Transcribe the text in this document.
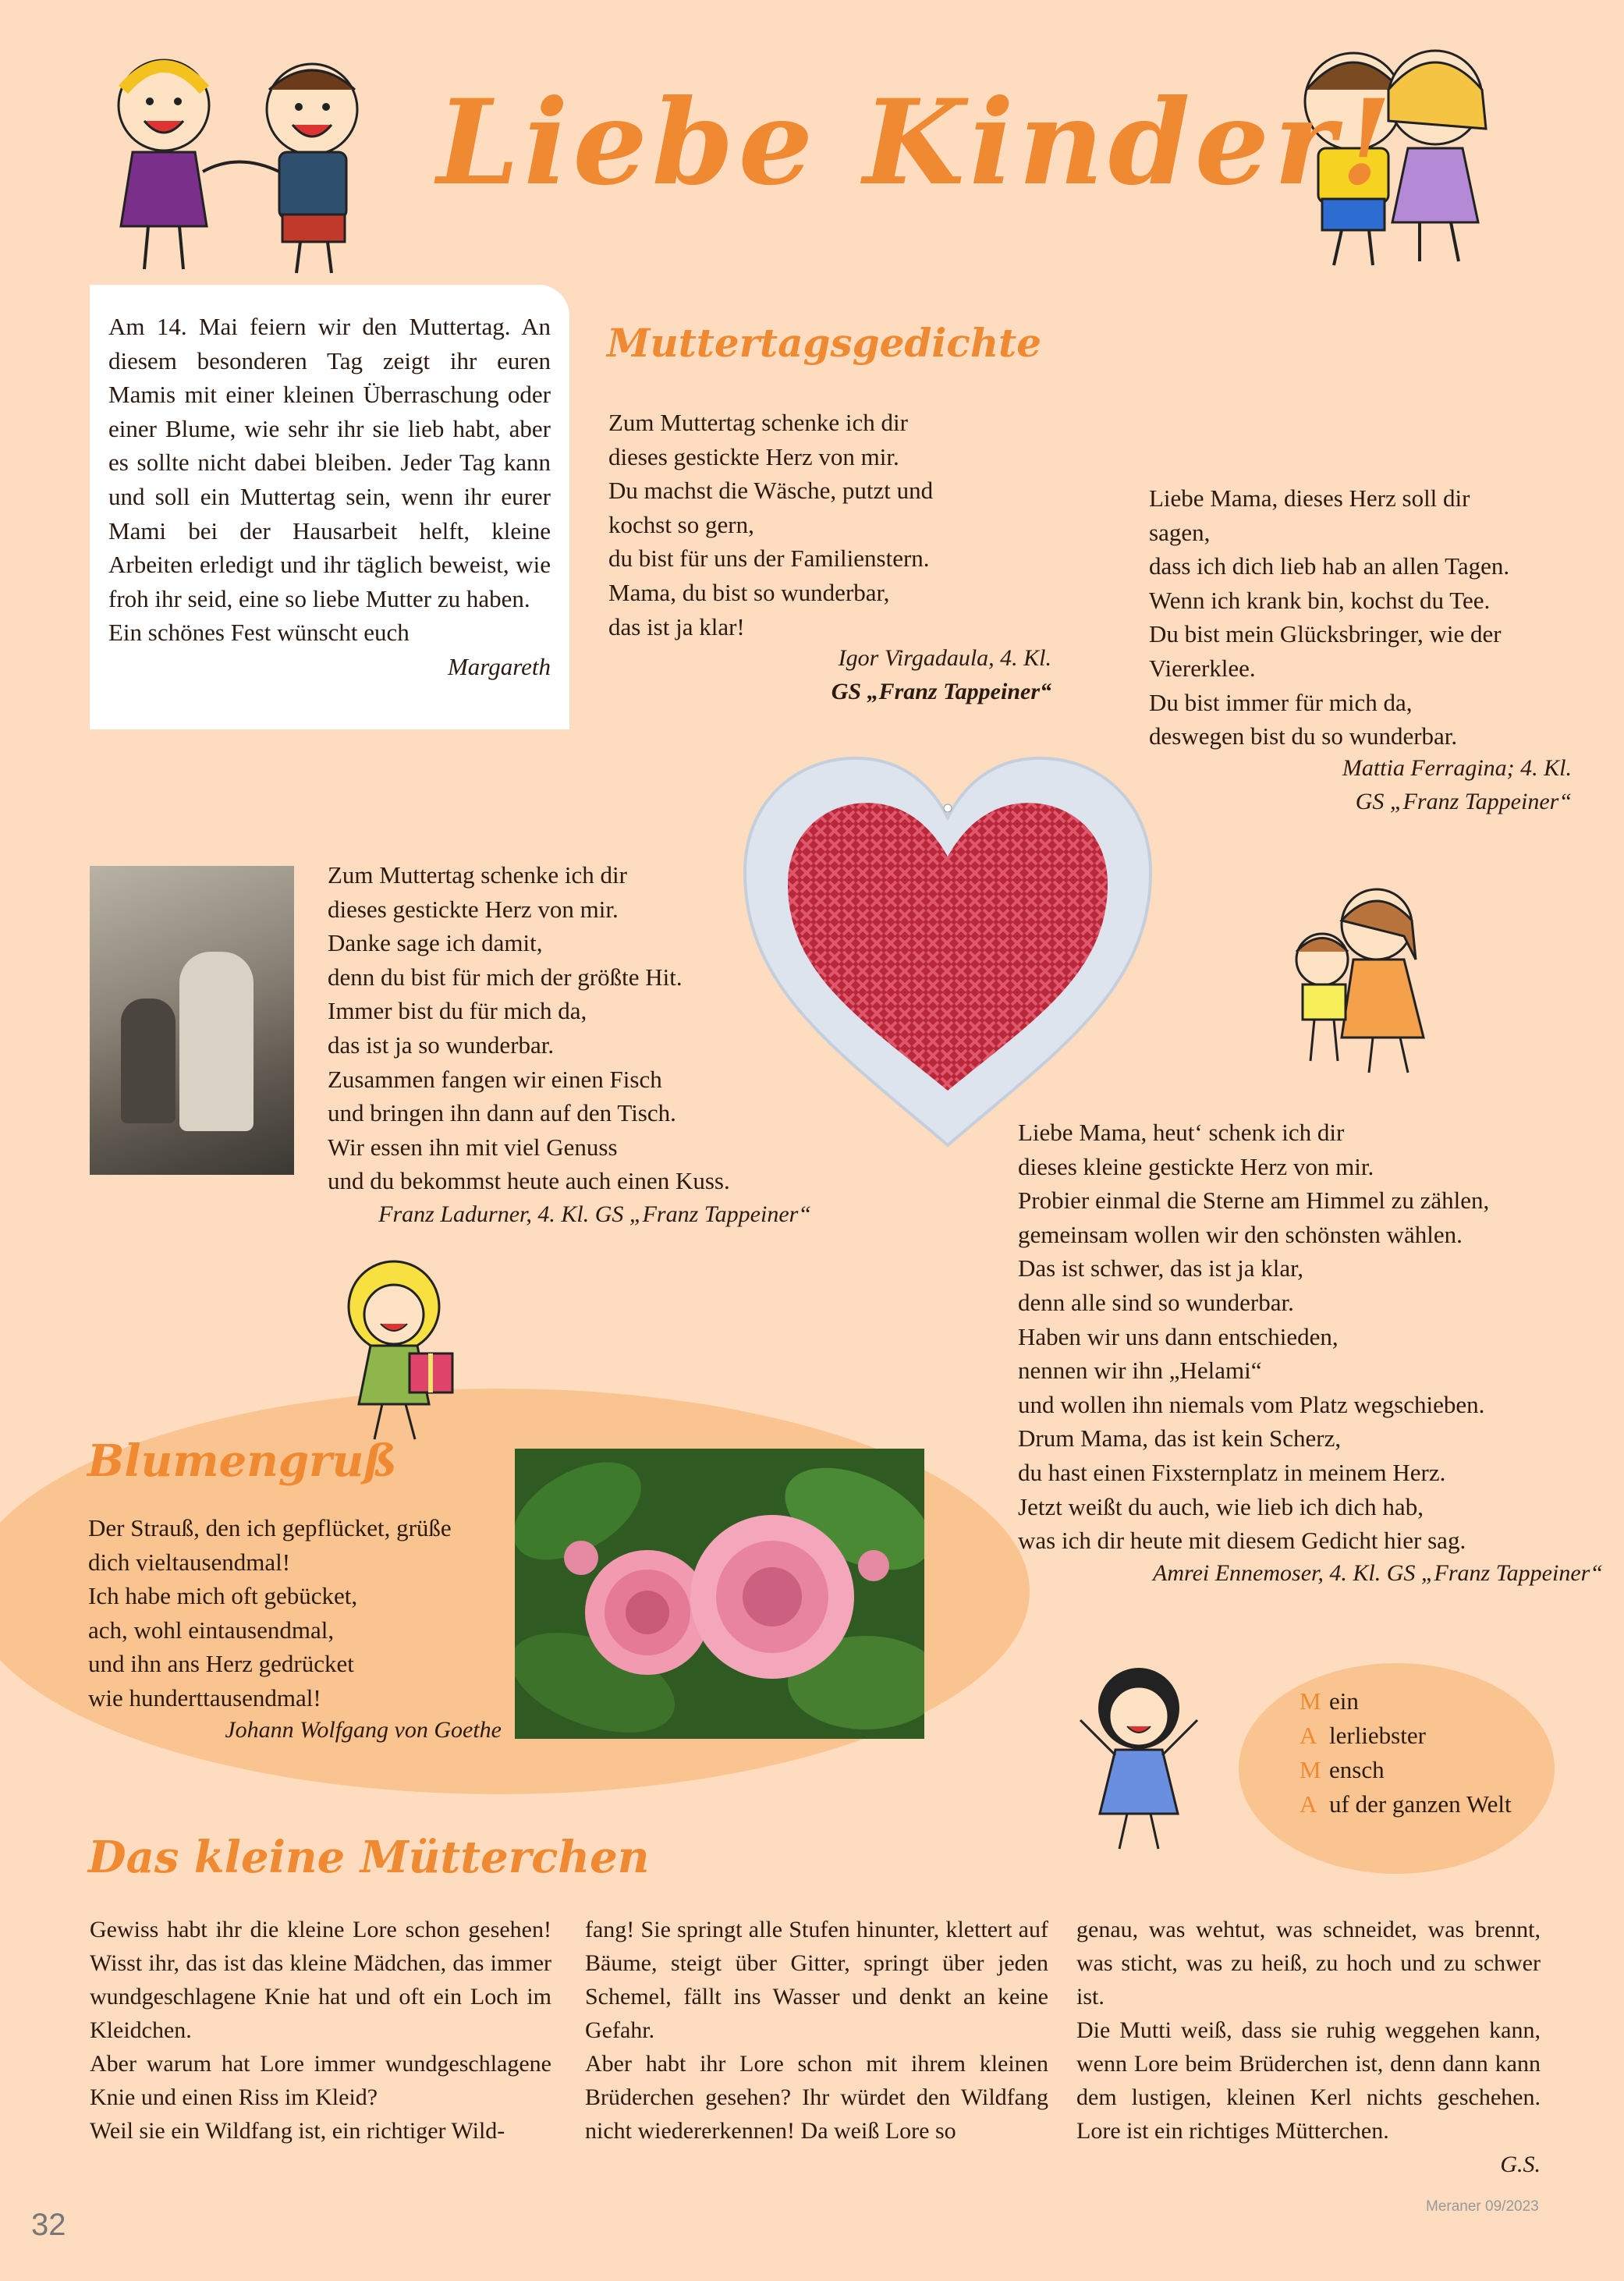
Liebe Kinder!

Am 14. Mai feiern wir den Muttertag. An diesem besonderen Tag zeigt ihr euren Mamis mit einer kleinen Überraschung oder einer Blume, wie sehr ihr sie lieb habt, aber es sollte nicht dabei bleiben. Jeder Tag kann und soll ein Muttertag sein, wenn ihr eurer Mami bei der Hausarbeit helft, kleine Arbeiten erledigt und ihr täglich beweist, wie froh ihr seid, eine so liebe Mutter zu haben.

Ein schönes Fest wünscht euch

Margareth
Muttertagsgedichte
Zum Muttertag schenke ich dir
dieses gestickte Herz von mir.
Du machst die Wäsche, putzt und
kochst so gern,
du bist für uns der Familienstern.
Mama, du bist so wunderbar,
das ist ja klar!
Igor Virgadaula, 4. Kl.
GS „Franz Tappeiner“
Liebe Mama, dieses Herz soll dir
sagen,
dass ich dich lieb hab an allen Tagen.
Wenn ich krank bin, kochst du Tee.
Du bist mein Glücksbringer, wie der
Viererklee.
Du bist immer für mich da,
deswegen bist du so wunderbar.
Mattia Ferragina; 4. Kl.
GS „Franz Tappeiner“
Zum Muttertag schenke ich dir
dieses gestickte Herz von mir.
Danke sage ich damit,
denn du bist für mich der größte Hit.
Immer bist du für mich da,
das ist ja so wunderbar.
Zusammen fangen wir einen Fisch
und bringen ihn dann auf den Tisch.
Wir essen ihn mit viel Genuss
und du bekommst heute auch einen Kuss.
Franz Ladurner, 4. Kl. GS „Franz Tappeiner“
Liebe Mama, heut‘ schenk ich dir
dieses kleine gestickte Herz von mir.
Probier einmal die Sterne am Himmel zu zählen,
gemeinsam wollen wir den schönsten wählen.
Das ist schwer, das ist ja klar,
denn alle sind so wunderbar.
Haben wir uns dann entschieden,
nennen wir ihn „Helami“
und wollen ihn niemals vom Platz wegschieben.
Drum Mama, das ist kein Scherz,
du hast einen Fixsternplatz in meinem Herz.
Jetzt weißt du auch, wie lieb ich dich hab,
was ich dir heute mit diesem Gedicht hier sag.
Amrei Ennemoser, 4. Kl. GS „Franz Tappeiner“
Blumengruß
Der Strauß, den ich gepflücket, grüße
dich vieltausendmal!
Ich habe mich oft gebücket,
ach, wohl eintausendmal,
und ihn ans Herz gedrücket
wie hunderttausendmal!
Johann Wolfgang von Goethe
M ein
A lerliebster
M ensch
A uf der ganzen Welt
Das kleine Mütterchen

Gewiss habt ihr die kleine Lore schon gesehen! Wisst ihr, das ist das kleine Mädchen, das immer wundgeschlagene Knie hat und oft ein Loch im Kleidchen.

Aber warum hat Lore immer wundgeschlagene Knie und einen Riss im Kleid?

Weil sie ein Wildfang ist, ein richtiger Wild-

fang! Sie springt alle Stufen hinunter, klettert auf Bäume, steigt über Gitter, springt über jeden Schemel, fällt ins Wasser und denkt an keine Gefahr.

Aber habt ihr Lore schon mit ihrem kleinen Brüderchen gesehen? Ihr würdet den Wildfang nicht wiedererkennen! Da weiß Lore so

genau, was wehtut, was schneidet, was brennt, was sticht, was zu heiß, zu hoch und zu schwer ist.

Die Mutti weiß, dass sie ruhig weggehen kann, wenn Lore beim Brüderchen ist, denn dann kann dem lustigen, kleinen Kerl nichts geschehen. Lore ist ein richtiges Mütterchen.

G.S.
32
Meraner 09/2023
